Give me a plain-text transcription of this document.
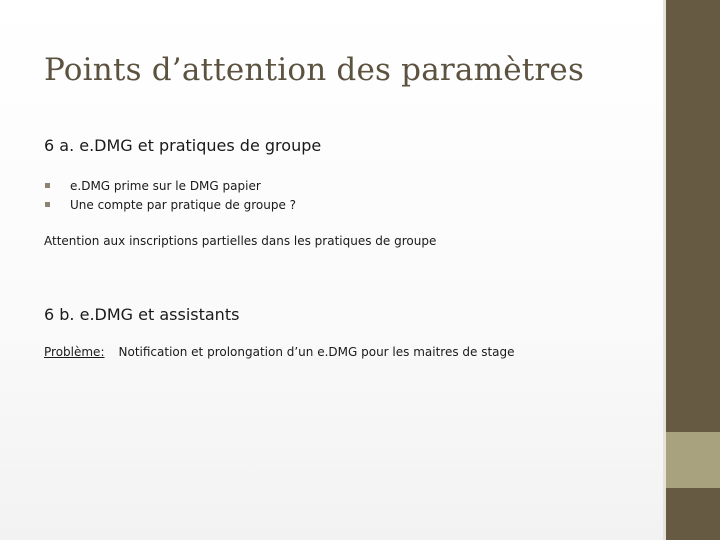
Points d’attention des paramètres
6 a. e.DMG et pratiques de groupe
e.DMG prime sur le DMG papier
Une compte par pratique de groupe ?
Attention aux inscriptions partielles dans les pratiques de groupe
6 b. e.DMG et assistants
Problème: Notification et prolongation d’un e.DMG pour les maitres de stage
